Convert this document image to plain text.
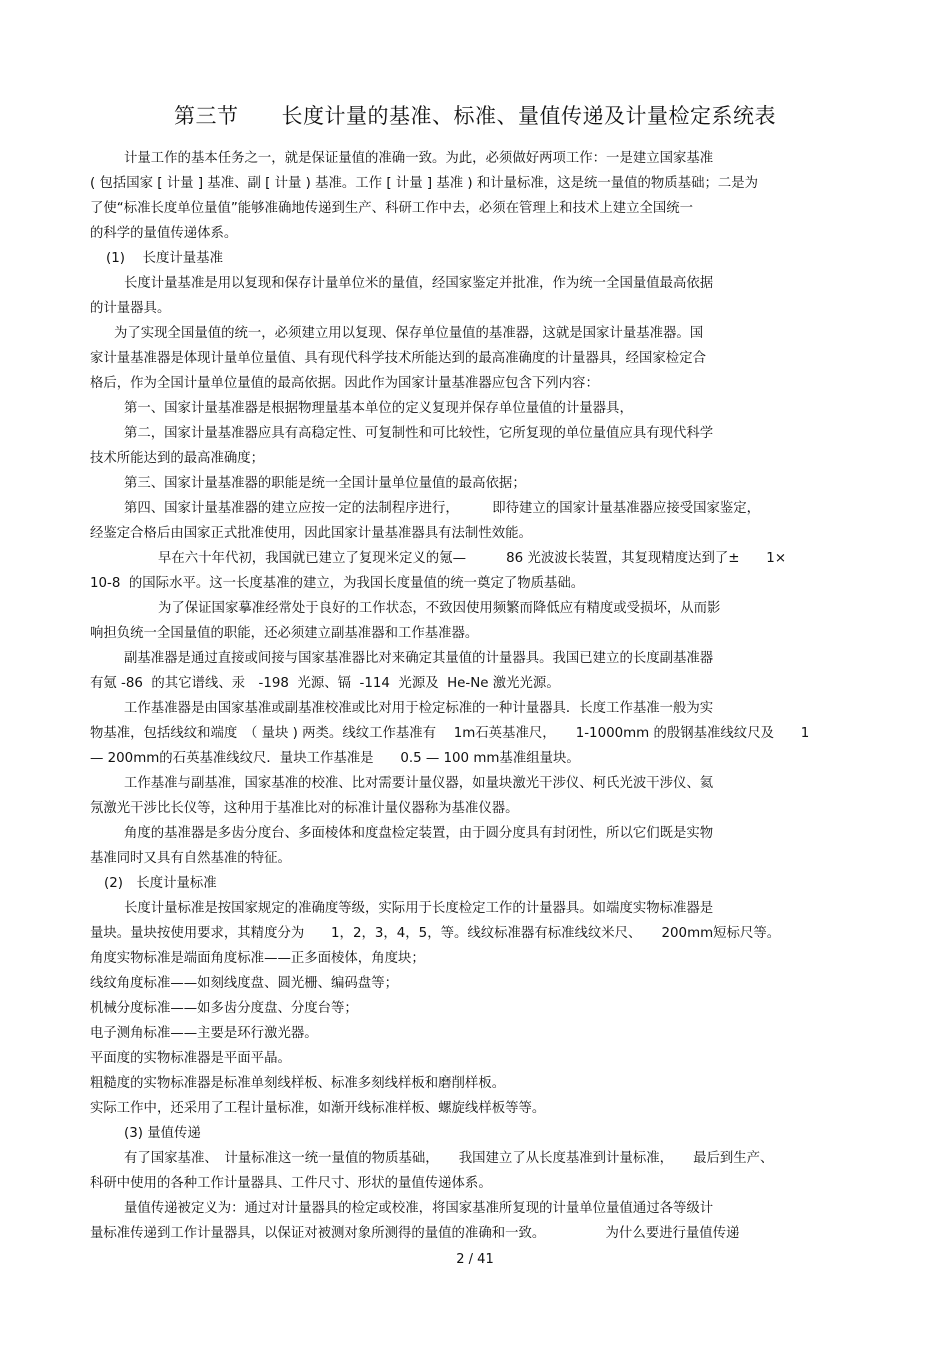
第三节　　长度计量的基准、标准、量值传递及计量检定系统表
计量工作的基本任务之一，就是保证量值的准确一致。为此，必须做好两项工作：一是建立国家基准
( 包括国家 [ 计量 ] 基准、副 [ 计量 ) 基准。工作 [ 计量 ] 基准 ) 和计量标准，这是统一量值的物质基础；二是为
了使“标准长度单位量值”能够准确地传递到生产、科研工作中去，必须在管理上和技术上建立全国统一
的科学的量值传递体系。
(1)　 长度计量基准
长度计量基准是用以复现和保存计量单位米的量值，经国家鉴定并批准，作为统一全国量值最高依据
的计量器具。
为了实现全国量值的统一，必须建立用以复现、保存单位量值的基准器，这就是国家计量基准器。国
家计量基准器是体现计量单位量值、具有现代科学技术所能达到的最高准确度的计量器具，经国家检定合
格后，作为全国计量单位量值的最高依据。因此作为国家计量基准器应包含下列内容：
第一、国家计量基准器是根据物理量基本单位的定义复现并保存单位量值的计量器具，
第二，国家计量基准器应具有高稳定性、可复制性和可比较性，它所复现的单位量值应具有现代科学
技术所能达到的最高准确度；
第三、国家计量基准器的职能是统一全国计量单位量值的最高依据；
第四、国家计量基准器的建立应按一定的法制程序进行，　　　即待建立的国家计量基准器应接受国家鉴定，
经鉴定合格后由国家正式批准使用，因此国家计量基准器具有法制性效能。
早在六十年代初，我国就已建立了复现米定义的氪—　　　86 光波波长装置，其复现精度达到了±　　1×
10-8  的国际水平。这一长度基准的建立，为我国长度量值的统一奠定了物质基础。
为了保证国家摹准经常处于良好的工作状态，不致因使用频繁而降低应有精度或受损坏，从而影
响担负统一全国量值的职能，还必须建立副基准器和工作基准器。
副基准器是通过直接或间接与国家基准器比对来确定其量值的计量器具。我国已建立的长度副基准器
有氪 -86  的其它谱线、汞　-198  光源、镉  -114  光源及  He-Ne 激光光源。
工作基准器是由国家基准或副基准校准或比对用于检定标准的一种计量器具．长度工作基准一般为实
物基准，包括线纹和端度　（ 量块 ) 两类。线纹工作基准有　 1m石英基准尺，　　1-1000mm 的殷钢基准线纹尺及　　1
— 200mm的石英基准线纹尺．量块工作基准是　　0.5 — 100 mm基准组量块。
工作基准与副基准，国家基准的校准、比对需要计量仪器，如量块激光干涉仪、柯氏光波干涉仪、氦
氖激光干涉比长仪等，这种用于基准比对的标准计量仪器称为基准仪器。
角度的基准器是多齿分度台、多面棱体和度盘检定装置，由于圆分度具有封闭性，所以它们既是实物
基准同时又具有自然基准的特征。
(2)　长度计量标准
长度计量标准是按国家规定的准确度等级，实际用于长度检定工作的计量器具。如端度实物标准器是
量块。量块按使用要求，其精度分为　　1，2，3，4，5，等。线纹标准器有标准线纹米尺、　　200mm短标尺等。
角度实物标准是端面角度标准——正多面棱体，角度块；
线纹角度标准——如刻线度盘、圆光栅、编码盘等；
机械分度标准——如多齿分度盘、分度台等；
电子测角标准——主要是环行激光器。
平面度的实物标准器是平面平晶。
粗糙度的实物标准器是标准单刻线样板、标准多刻线样板和磨削样板。
实际工作中，还采用了工程计量标准，如渐开线标准样板、螺旋线样板等等。
(3) 量值传递
有了国家基准、　计量标准这一统一量值的物质基础，　　我国建立了从长度基准到计量标准，　　最后到生产、
科研中使用的各种工作计量器具、工件尺寸、形状的量值传递体系。
量值传递被定义为：通过对计量器具的检定或校准，将国家基准所复现的计量单位量值通过各等级计
量标准传递到工作计量器具，以保证对被测对象所测得的量值的准确和一致。　　　　　为什么要进行量值传递
2 / 41
